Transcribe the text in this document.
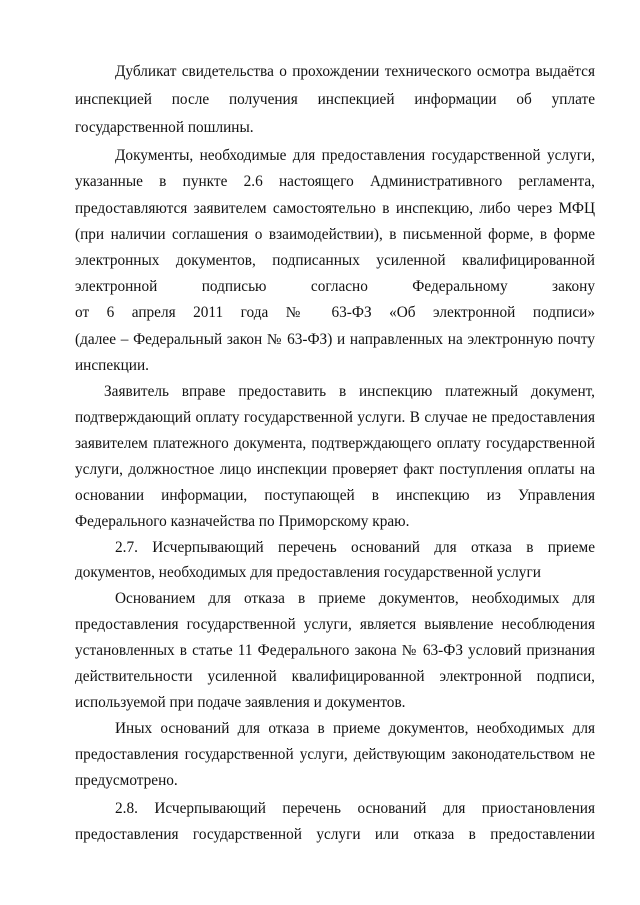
Дубликат свидетельства о прохождении технического осмотра выдаётся
инспекцией после получения инспекцией информации об уплате
государственной пошлины.
Документы, необходимые для предоставления государственной услуги,
указанные в пункте 2.6 настоящего Административного регламента,
предоставляются заявителем самостоятельно в инспекцию, либо через МФЦ
(при наличии соглашения о взаимодействии), в письменной форме, в форме
электронных документов, подписанных усиленной квалифицированной
электронной подписью согласно Федеральному закону
от 6 апреля 2011 года № 63-ФЗ «Об электронной подписи»
(далее – Федеральный закон № 63-ФЗ) и направленных на электронную почту
инспекции.
Заявитель вправе предоставить в инспекцию платежный документ,
подтверждающий оплату государственной услуги. В случае не предоставления
заявителем платежного документа, подтверждающего оплату государственной
услуги, должностное лицо инспекции проверяет факт поступления оплаты на
основании информации, поступающей в инспекцию из Управления
Федерального казначейства по Приморскому краю.
2.7. Исчерпывающий перечень оснований для отказа в приеме
документов, необходимых для предоставления государственной услуги
Основанием для отказа в приеме документов, необходимых для
предоставления государственной услуги, является выявление несоблюдения
установленных в статье 11 Федерального закона № 63-ФЗ условий признания
действительности усиленной квалифицированной электронной подписи,
используемой при подаче заявления и документов.
Иных оснований для отказа в приеме документов, необходимых для
предоставления государственной услуги, действующим законодательством не
предусмотрено.
2.8. Исчерпывающий перечень оснований для приостановления
предоставления государственной услуги или отказа в предоставлении
